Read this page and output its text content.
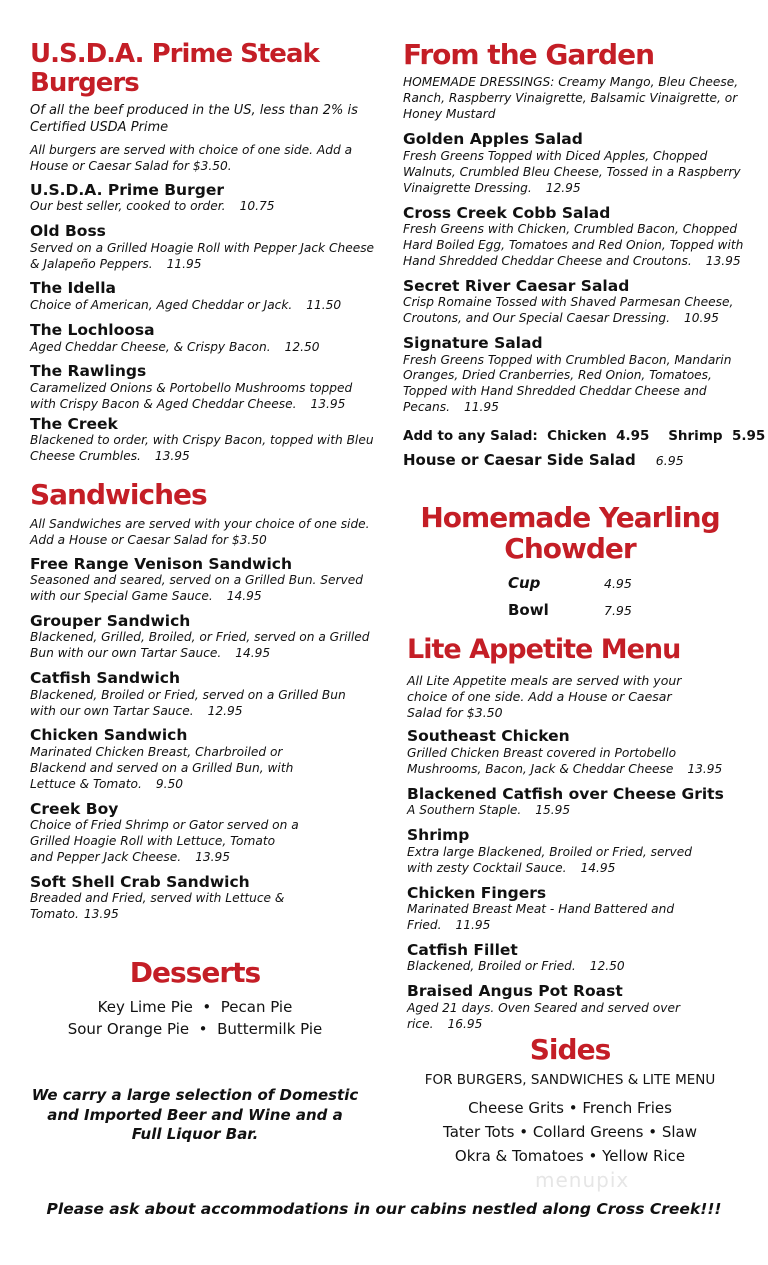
U.S.D.A. Prime Steak Burgers
Of all the beef produced in the US, less than 2% is Certified USDA Prime
All burgers are served with choice of one side. Add a House or Caesar Salad for $3.50.
U.S.D.A. Prime Burger
Our best seller, cooked to order. 10.75
Old Boss
Served on a Grilled Hoagie Roll with Pepper Jack Cheese & Jalapeño Peppers. 11.95
The Idella
Choice of American, Aged Cheddar or Jack. 11.50
The Lochloosa
Aged Cheddar Cheese, & Crispy Bacon. 12.50
The Rawlings
Caramelized Onions & Portobello Mushrooms topped with Crispy Bacon & Aged Cheddar Cheese. 13.95
The Creek
Blackened to order, with Crispy Bacon, topped with Bleu Cheese Crumbles. 13.95
Sandwiches
All Sandwiches are served with your choice of one side. Add a House or Caesar Salad for $3.50
Free Range Venison Sandwich
Seasoned and seared, served on a Grilled Bun. Served with our Special Game Sauce. 14.95
Grouper Sandwich
Blackened, Grilled, Broiled, or Fried, served on a Grilled Bun with our own Tartar Sauce. 14.95
Catfish Sandwich
Blackened, Broiled or Fried, served on a Grilled Bun with our own Tartar Sauce. 12.95
Chicken Sandwich
Marinated Chicken Breast, Charbroiled or Blackend and served on a Grilled Bun, with Lettuce & Tomato. 9.50
Creek Boy
Choice of Fried Shrimp or Gator served on a Grilled Hoagie Roll with Lettuce, Tomato and Pepper Jack Cheese. 13.95
Soft Shell Crab Sandwich
Breaded and Fried, served with Lettuce & Tomato. 13.95
Desserts
Key Lime Pie  •  Pecan Pie
Sour Orange Pie  •  Buttermilk Pie
We carry a large selection of Domestic and Imported Beer and Wine and a Full Liquor Bar.
From the Garden
HOMEMADE DRESSINGS: Creamy Mango, Bleu Cheese, Ranch, Raspberry Vinaigrette, Balsamic Vinaigrette, or Honey Mustard
Golden Apples Salad
Fresh Greens Topped with Diced Apples, Chopped Walnuts, Crumbled Bleu Cheese, Tossed in a Raspberry Vinaigrette Dressing. 12.95
Cross Creek Cobb Salad
Fresh Greens with Chicken, Crumbled Bacon, Chopped Hard Boiled Egg, Tomatoes and Red Onion, Topped with Hand Shredded Cheddar Cheese and Croutons. 13.95
Secret River Caesar Salad
Crisp Romaine Tossed with Shaved Parmesan Cheese, Croutons, and Our Special Caesar Dressing. 10.95
Signature Salad
Fresh Greens Topped with Crumbled Bacon, Mandarin Oranges, Dried Cranberries, Red Onion, Tomatoes, Topped with Hand Shredded Cheddar Cheese and Pecans. 11.95
Add to any Salad:  Chicken  4.95    Shrimp  5.95
House or Caesar Side Salad 6.95
Homemade Yearling Chowder
Cup	4.95
Bowl	7.95
Lite Appetite Menu
All Lite Appetite meals are served with your choice of one side. Add a House or Caesar Salad for $3.50
Southeast Chicken
Grilled Chicken Breast covered in Portobello Mushrooms, Bacon, Jack & Cheddar Cheese 13.95
Blackened Catfish over Cheese Grits
A Southern Staple. 15.95
Shrimp
Extra large Blackened, Broiled or Fried, served with zesty Cocktail Sauce. 14.95
Chicken Fingers
Marinated Breast Meat - Hand Battered and Fried. 11.95
Catfish Fillet
Blackened, Broiled or Fried. 12.50
Braised Angus Pot Roast
Aged 21 days. Oven Seared and served over rice. 16.95
Sides
FOR BURGERS, SANDWICHES & LITE MENU
Cheese Grits • French Fries
Tater Tots • Collard Greens • Slaw
Okra & Tomatoes • Yellow Rice
menupix
Please ask about accommodations in our cabins nestled along Cross Creek!!!
